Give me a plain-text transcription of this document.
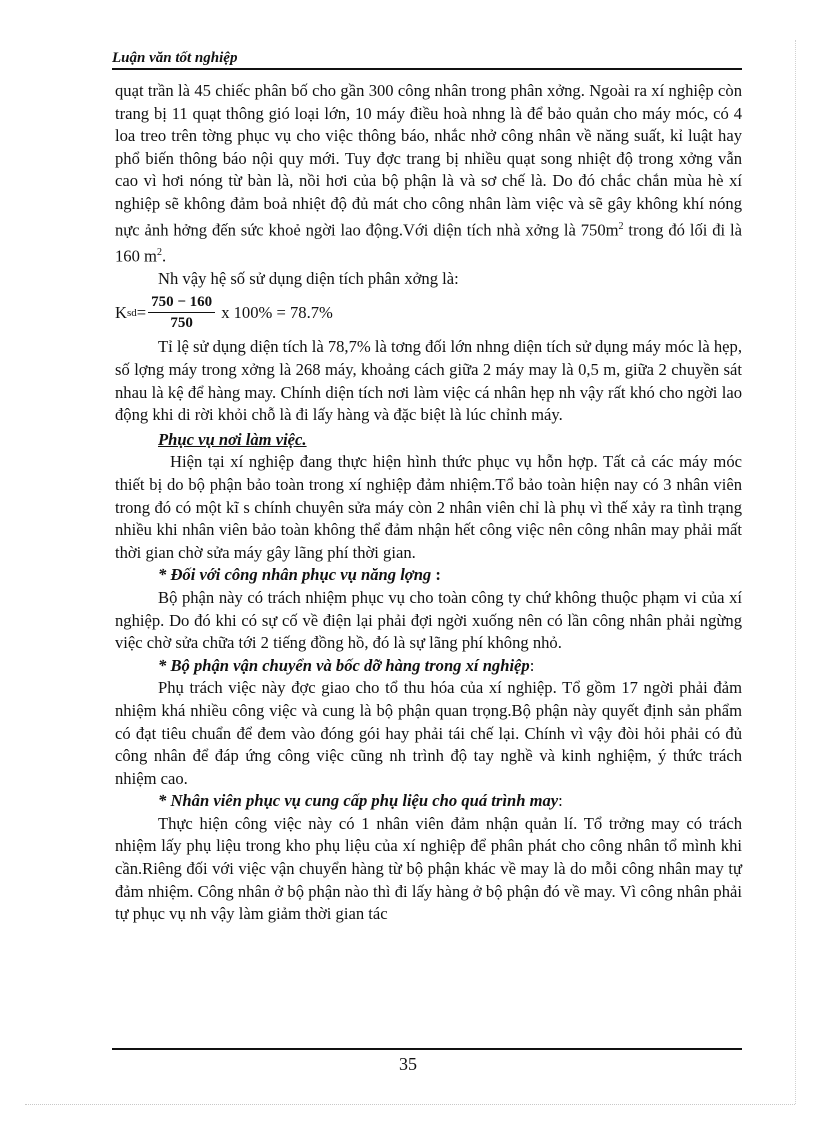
Luận văn tốt nghiệp

quạt trần là 45 chiếc phân bố cho gần 300 công nhân trong phân xởng. Ngoài ra xí nghiệp còn trang bị 11 quạt thông gió loại lớn, 10 máy điều hoà nhng là để bảo quản cho máy móc, có 4 loa treo trên tờng phục vụ cho việc thông báo, nhắc nhở công nhân về năng suất, kỉ luật hay phổ biến thông báo nội quy mới. Tuy đợc trang bị nhiều quạt song nhiệt độ trong xởng vẫn cao vì hơi nóng từ bàn là, nồi hơi của bộ phận là và sơ chế là. Do đó chắc chắn mùa hè xí nghiệp sẽ không đảm boả nhiệt độ đủ mát cho công nhân làm việc và sẽ gây không khí nóng nực ảnh hởng đến sức khoẻ ngời lao động.Với diện tích nhà xởng là $750m^2$ trong đó lối đi là 160 $m^2$.

Nh vậy hệ số sử dụng diện tích phân xởng là:

K sd = $\frac{750 - 160}{750}$ x 100% = 78.7%

Tỉ lệ sử dụng diện tích là 78,7% là tơng đối lớn nhng diện tích sử dụng máy móc là hẹp, số lợng máy trong xởng là 268 máy, khoảng cách giữa 2 máy may là 0,5 m, giữa 2 chuyền sát nhau là kệ để hàng may. Chính diện tích nơi làm việc cá nhân hẹp nh vậy rất khó cho ngời lao động khi di rời khỏi chỗ là đi lấy hàng và đặc biệt là lúc chỉnh máy.

Phục vụ nơi làm việc.

Hiện tại xí nghiệp đang thực hiện hình thức phục vụ hỗn hợp. Tất cả các máy móc thiết bị do bộ phận bảo toàn trong xí nghiệp đảm nhiệm.Tổ bảo toàn hiện nay có 3 nhân viên trong đó có một kĩ s chính chuyên sửa máy còn 2 nhân viên chỉ là phụ vì thế xảy ra tình trạng nhiều khi nhân viên bảo toàn không thể đảm nhận hết công việc nên công nhân may phải mất thời gian chờ sửa máy gây lãng phí thời gian.

* Đối với công nhân phục vụ năng lợng :

Bộ phận này có trách nhiệm phục vụ cho toàn công ty chứ không thuộc phạm vi của xí nghiệp. Do đó khi có sự cố về điện lại phải đợi ngời xuống nên có lần công nhân phải ngừng việc chờ sửa chữa tới 2 tiếng đồng hồ, đó là sự lãng phí không nhỏ.

* Bộ phận vận chuyển và bốc dỡ hàng trong xí nghiệp:

Phụ trách việc này đợc giao cho tổ thu hóa của xí nghiệp. Tổ gồm 17 ngời phải đảm nhiệm khá nhiều công việc và cung là bộ phận quan trọng.Bộ phận này quyết định sản phẩm có đạt tiêu chuẩn để đem vào đóng gói hay phải tái chế lại. Chính vì vậy đòi hỏi phải có đủ công nhân để đáp ứng công việc cũng nh trình độ tay nghề và kinh nghiệm, ý thức trách nhiệm cao.

* Nhân viên phục vụ cung cấp phụ liệu cho quá trình may:

Thực hiện công việc này có 1 nhân viên đảm nhận quản lí. Tổ trởng may có trách nhiệm lấy phụ liệu trong kho phụ liệu của xí nghiệp để phân phát cho công nhân tổ mình khi cần.Riêng đối với việc vận chuyển hàng từ bộ phận khác về may là do mỗi công nhân may tự đảm nhiệm. Công nhân ở bộ phận nào thì đi lấy hàng ở bộ phận đó về may. Vì công nhân phải tự phục vụ nh vậy làm giảm thời gian tác

35
